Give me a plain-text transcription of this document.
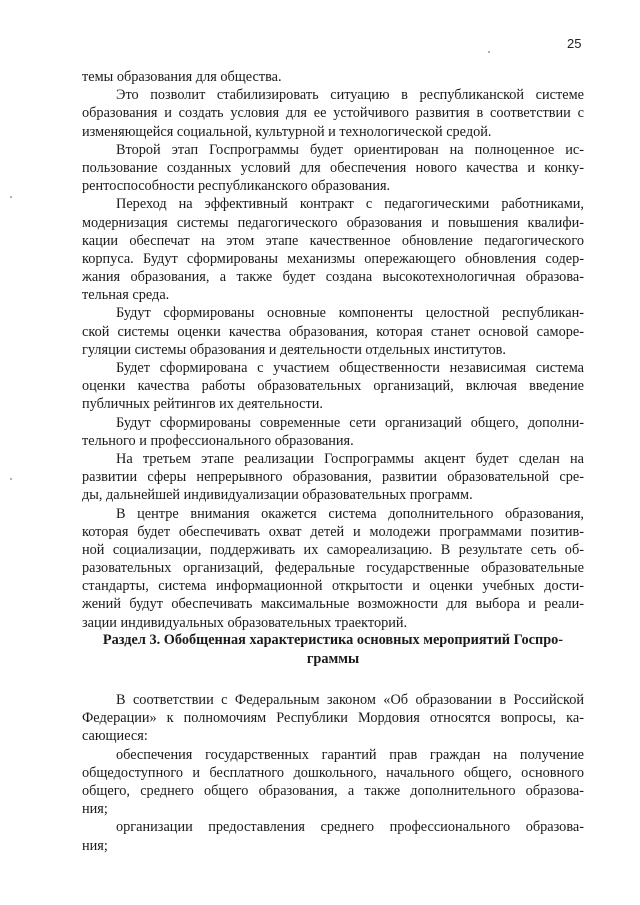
25
темы образования для общества.
Это позволит стабилизировать ситуацию в республиканской системе
образования и создать условия для ее устойчивого развития в соответствии с
изменяющейся социальной, культурной и технологической средой.
Второй этап Госпрограммы будет ориентирован на полноценное ис-
пользование созданных условий для обеспечения нового качества и конку-
рентоспособности республиканского образования.
Переход на эффективный контракт с педагогическими работниками,
модернизация системы педагогического образования и повышения квалифи-
кации обеспечат на этом этапе качественное обновление педагогического
корпуса. Будут сформированы механизмы опережающего обновления содер-
жания образования, а также будет создана высокотехнологичная образова-
тельная среда.
Будут сформированы основные компоненты целостной республикан-
ской системы оценки качества образования, которая станет основой саморе-
гуляции системы образования и деятельности отдельных институтов.
Будет сформирована с участием общественности независимая система
оценки качества работы образовательных организаций, включая введение
публичных рейтингов их деятельности.
Будут сформированы современные сети организаций общего, дополни-
тельного и профессионального образования.
На третьем этапе реализации Госпрограммы акцент будет сделан на
развитии сферы непрерывного образования, развитии образовательной сре-
ды, дальнейшей индивидуализации образовательных программ.
В центре внимания окажется система дополнительного образования,
которая будет обеспечивать охват детей и молодежи программами позитив-
ной социализации, поддерживать их самореализацию. В результате сеть об-
разовательных организаций, федеральные государственные образовательные
стандарты, система информационной открытости и оценки учебных дости-
жений будут обеспечивать максимальные возможности для выбора и реали-
зации индивидуальных образовательных траекторий.
Раздел 3. Обобщенная характеристика основных мероприятий Госпро-
граммы
В соответствии с Федеральным законом «Об образовании в Российской
Федерации» к полномочиям Республики Мордовия относятся вопросы, ка-
сающиеся:
обеспечения государственных гарантий прав граждан на получение
общедоступного и бесплатного дошкольного, начального общего, основного
общего, среднего общего образования, а также дополнительного образова-
ния;
организации предоставления среднего профессионального образова-
ния;
